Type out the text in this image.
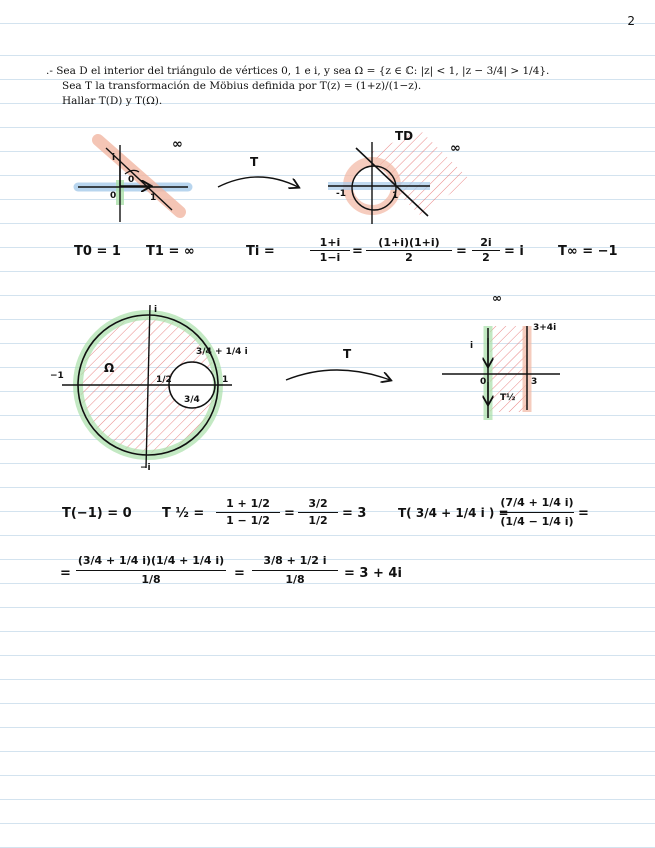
2
.- Sea D el interior del triángulo de vértices 0, 1 e i, y sea Ω = {z ∈ ℂ: |z| < 1, |z − 3/4| > 1/4}.
Sea T la transformación de Möbius definida por T(z) = (1+z)/(1−z).
Hallar T(D) y T(Ω).
i
0
0	1
∞
T
TD
∞
-1	1
−1	1
i
−i
Ω
1/2
3/4
3/4 + 1/4 i	T
∞
3+4i
i
0	3
T½
T0 = 1 T1 = ∞	Ti =	$\frac{1+i}{1-i} = \frac{(1+i)(1+i)}{2} = \frac{2i}{2} = i$	T∞ = −1
T(−1) = 0 T ½ = $\frac{1 + 1/2}{1 - 1/2} = \frac{3/2}{1/2} = 3$	T( 3/4 + 1/4 i ) =
$\frac{(7/4 + 1/4 i)}{(1/4 - 1/4 i)}$ =
= $\frac{(3/4 + 1/4 i)(1/4 + 1/4 i)}{1/8} = \frac{3/8 + 1/2 i}{1/8} = 3 + 4i$
